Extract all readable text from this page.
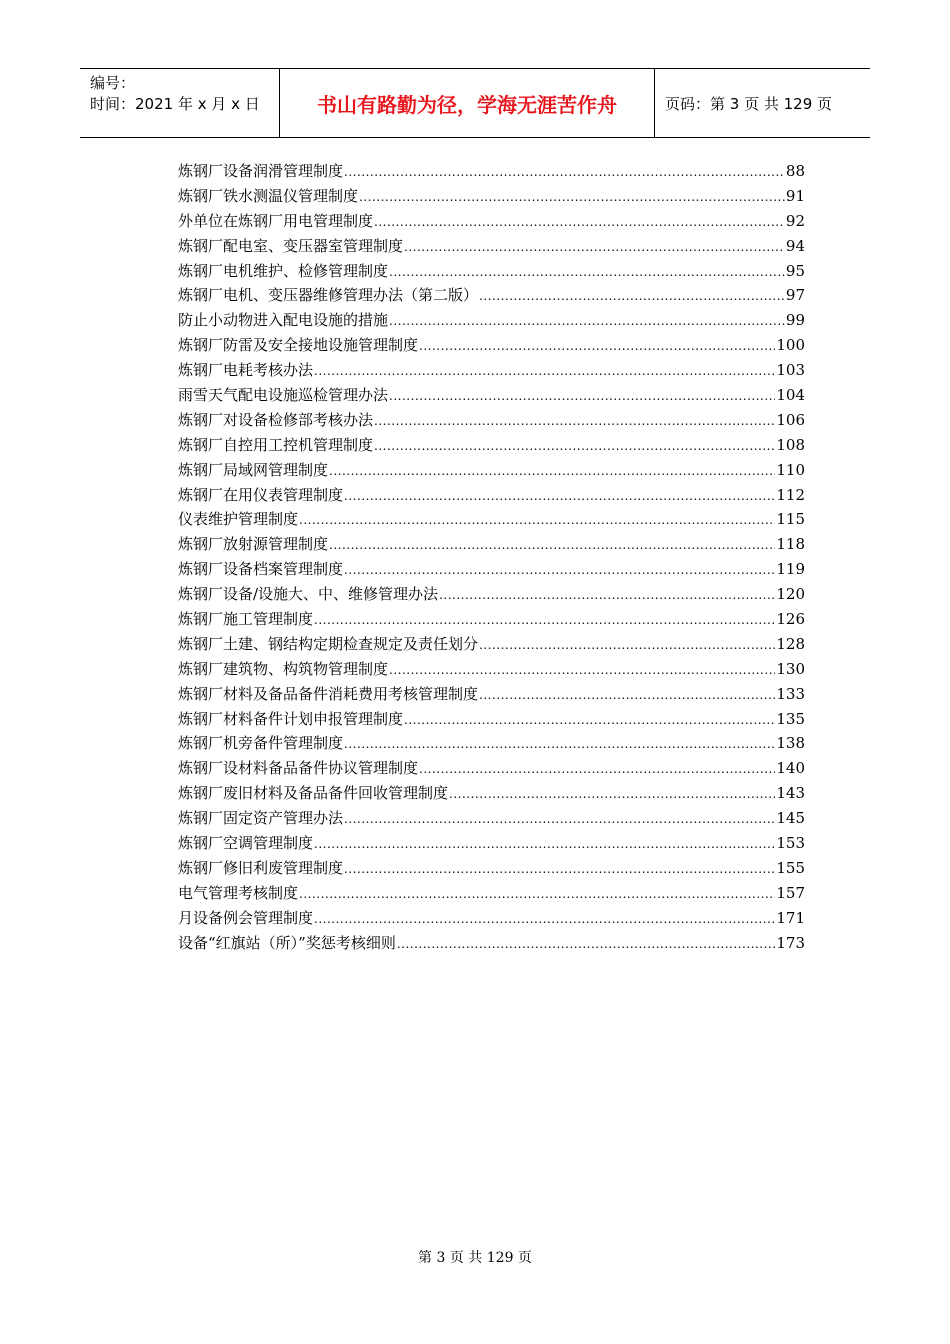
编号：
时间：2021 年 x 月 x 日	书山有路勤为径，学海无涯苦作舟	页码：第 3 页 共 129 页
炼钢厂设备润滑管理制度 .....	88
炼钢厂铁水测温仪管理制度 .....	91
外单位在炼钢厂用电管理制度 .....	92
炼钢厂配电室、变压器室管理制度 .....	94
炼钢厂电机维护、检修管理制度 .....	95
炼钢厂电机、变压器维修管理办法（第二版） .....	97
防止小动物进入配电设施的措施 .....	99
炼钢厂防雷及安全接地设施管理制度 .....	100
炼钢厂电耗考核办法 .....	103
雨雪天气配电设施巡检管理办法 .....	104
炼钢厂对设备检修部考核办法 .....	106
炼钢厂自控用工控机管理制度 .....	108
炼钢厂局域网管理制度 .....	110
炼钢厂在用仪表管理制度 .....	112
仪表维护管理制度 .....	115
炼钢厂放射源管理制度 .....	118
炼钢厂设备档案管理制度 .....	119
炼钢厂设备/设施大、中、维修管理办法 .....	120
炼钢厂施工管理制度 .....	126
炼钢厂土建、钢结构定期检查规定及责任划分 .....	128
炼钢厂建筑物、构筑物管理制度 .....	130
炼钢厂材料及备品备件消耗费用考核管理制度 .....	133
炼钢厂材料备件计划申报管理制度 .....	135
炼钢厂机旁备件管理制度 .....	138
炼钢厂设材料备品备件协议管理制度 .....	140
炼钢厂废旧材料及备品备件回收管理制度 .....	143
炼钢厂固定资产管理办法 .....	145
炼钢厂空调管理制度 .....	153
炼钢厂修旧利废管理制度 .....	155
电气管理考核制度 .....	157
月设备例会管理制度 .....	171
设备“红旗站（所）”奖惩考核细则 .....	173
第 3 页 共 129 页
